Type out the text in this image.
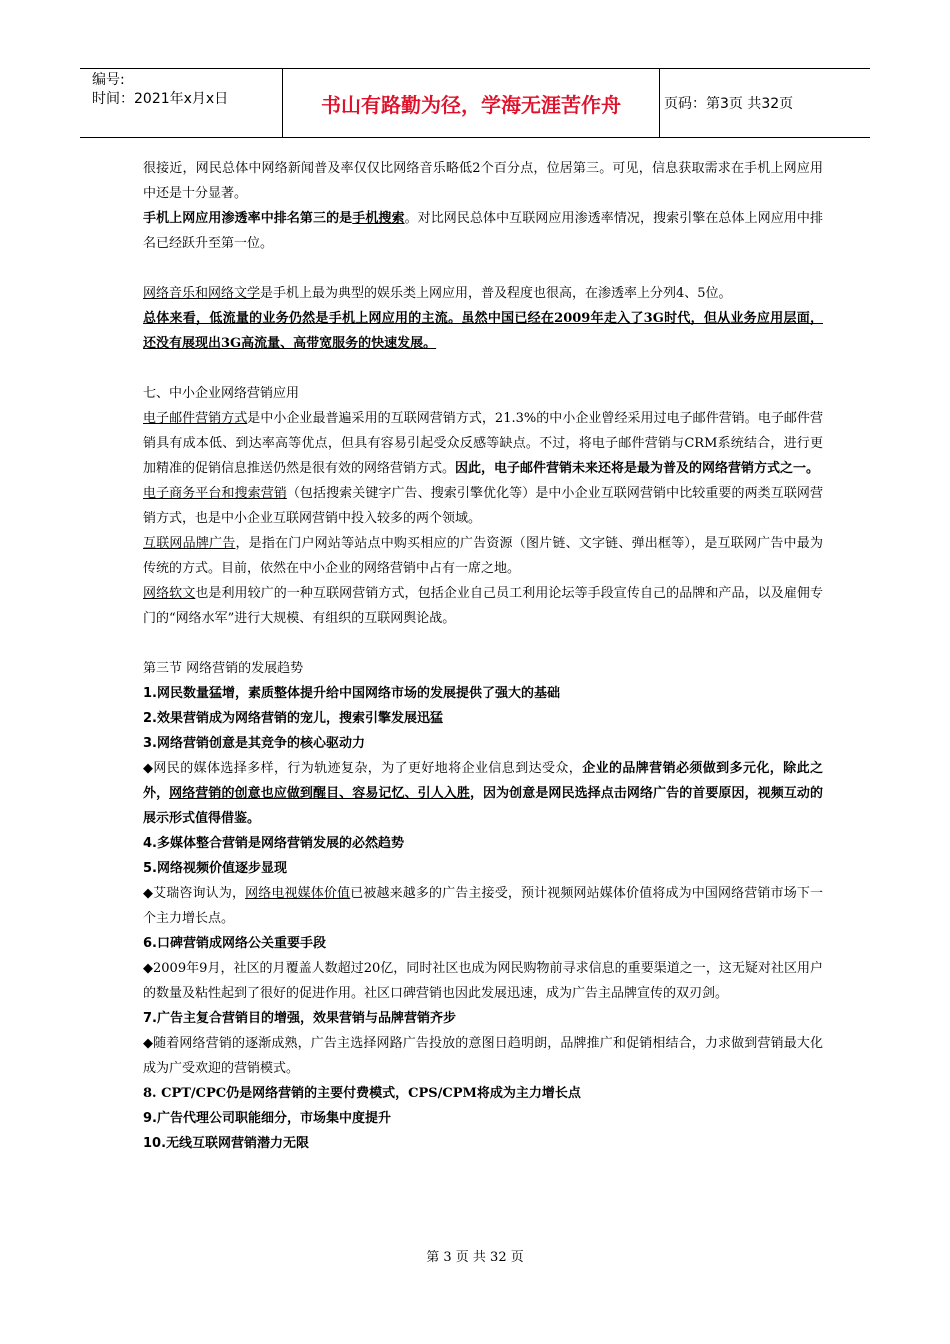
编号:
时间：2021年x月x日	书山有路勤为径，学海无涯苦作舟	页码：第3页 共32页

很接近，网民总体中网络新闻普及率仅仅比网络音乐略低2个百分点，位居第三。可见，信息获取需求在手机上网应用中还是十分显著。

手机上网应用渗透率中排名第三的是手机搜索。对比网民总体中互联网应用渗透率情况，搜索引擎在总体上网应用中排名已经跃升至第一位。

网络音乐和网络文学是手机上最为典型的娱乐类上网应用，普及程度也很高，在渗透率上分列4、5位。

总体来看，低流量的业务仍然是手机上网应用的主流。虽然中国已经在2009年走入了3G时代，但从业务应用层面，还没有展现出3G高流量、高带宽服务的快速发展。

七、中小企业网络营销应用

电子邮件营销方式是中小企业最普遍采用的互联网营销方式，21.3%的中小企业曾经采用过电子邮件营销。电子邮件营销具有成本低、到达率高等优点，但具有容易引起受众反感等缺点。不过，将电子邮件营销与CRM系统结合，进行更加精准的促销信息推送仍然是很有效的网络营销方式。因此，电子邮件营销未来还将是最为普及的网络营销方式之一。

电子商务平台和搜索营销（包括搜索关键字广告、搜索引擎优化等）是中小企业互联网营销中比较重要的两类互联网营销方式，也是中小企业互联网营销中投入较多的两个领域。

互联网品牌广告，是指在门户网站等站点中购买相应的广告资源（图片链、文字链、弹出框等），是互联网广告中最为传统的方式。目前，依然在中小企业的网络营销中占有一席之地。

网络软文也是利用较广的一种互联网营销方式，包括企业自己员工利用论坛等手段宣传自己的品牌和产品，以及雇佣专门的“网络水军”进行大规模、有组织的互联网舆论战。

第三节 网络营销的发展趋势

1.网民数量猛增，素质整体提升给中国网络市场的发展提供了强大的基础

2.效果营销成为网络营销的宠儿，搜索引擎发展迅猛

3.网络营销创意是其竞争的核心驱动力

◆网民的媒体选择多样，行为轨迹复杂，为了更好地将企业信息到达受众，企业的品牌营销必须做到多元化，除此之外，网络营销的创意也应做到醒目、容易记忆、引人入胜，因为创意是网民选择点击网络广告的首要原因，视频互动的展示形式值得借鉴。

4.多媒体整合营销是网络营销发展的必然趋势

5.网络视频价值逐步显现

◆艾瑞咨询认为，网络电视媒体价值已被越来越多的广告主接受，预计视频网站媒体价值将成为中国网络营销市场下一个主力增长点。

6.口碑营销成网络公关重要手段

◆2009年9月，社区的月覆盖人数超过20亿，同时社区也成为网民购物前寻求信息的重要渠道之一，这无疑对社区用户的数量及粘性起到了很好的促进作用。社区口碑营销也因此发展迅速，成为广告主品牌宣传的双刃剑。

7.广告主复合营销目的增强，效果营销与品牌营销齐步

◆随着网络营销的逐渐成熟，广告主选择网路广告投放的意图日趋明朗，品牌推广和促销相结合，力求做到营销最大化成为广受欢迎的营销模式。

8. CPT/CPC仍是网络营销的主要付费模式，CPS/CPM将成为主力增长点

9.广告代理公司职能细分，市场集中度提升

10.无线互联网营销潜力无限

第 3 页 共 32 页
